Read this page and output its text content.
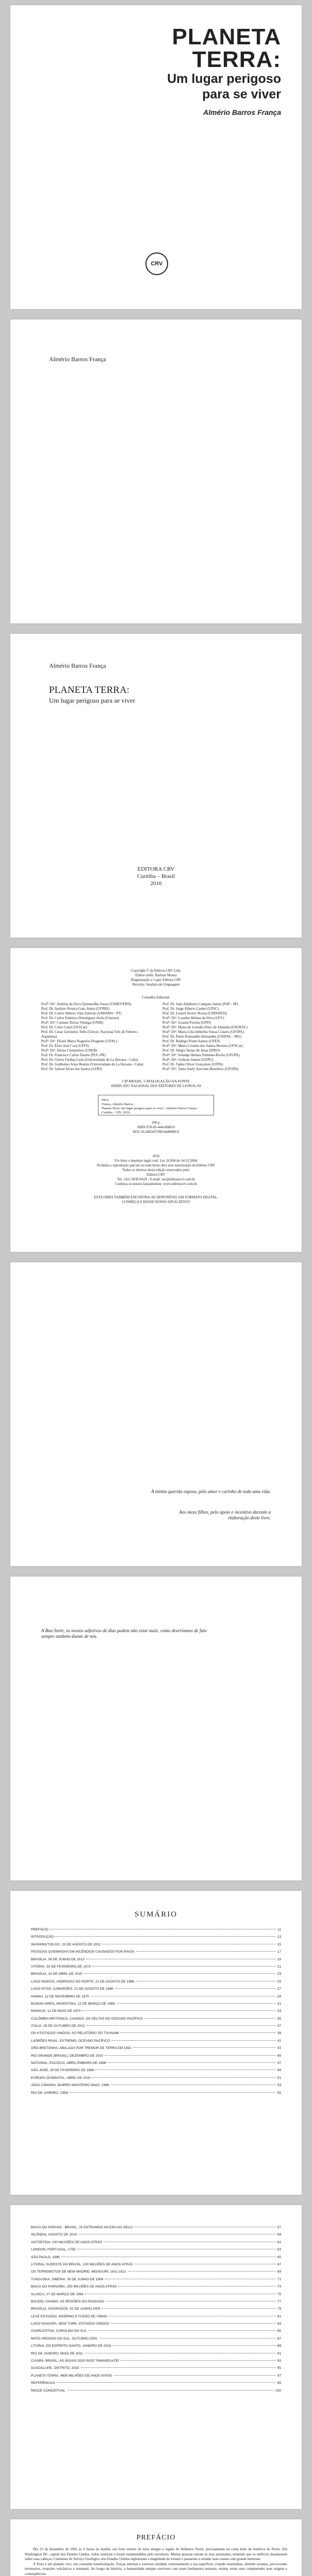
PLANETA
TERRA:
Um lugar perigoso para se viver
Almério Barros França
CRV
Almério Barros França
Almério Barros França
PLANETA TERRA:
Um lugar perigoso para se viver
EDITORA CRV
Curitiba – Brasil
2016
Copyright © da Editora CRV Ltda.
Editor-chefe: Railson Moura
Diagramação e Capa: Editora CRV
Revisão: Analista de Linguagem
Conselho Editorial:
Profª. Drª. Andréia da Silva Quintanilha Sousa (UNIR/UFRN)
Prof. Dr. Antônio Pereira Gaio Júnior (UFRRJ)
Prof. Dr. Carlos Alberto Vilar Estêvão (UMINHO - PT)
Prof. Dr. Carlos Federico Dominguez Avila (Unieuro)
Profª. Drª. Carmen Tereza Velanga (UNIR)
Prof. Dr. Celso Conti (UFSCar)
Prof. Dr. Cesar Gerónimo Tello (Univer. Nacional Três de Febrero - Argentina)
Profª. Drª. Elione Maria Nogueira Diogenes (UFAL)
Prof. Dr. Élsio José Corá (UFFS)
Profª. Drª. Elizeu Clementino (UNEB)
Prof. Dr. Francisco Carlos Duarte (PUC-PR)
Prof. Dr. Gloria Fariñas León (Universidade de La Havana - Cuba)
Prof. Dr. Guillermo Arias Beatón (Universidade de La Havana - Cuba)
Prof. Dr. Jailson Alves dos Santos (UFRJ)
Prof. Dr. João Adalberto Campato Junior (FAP - SP)
Prof. Dr. Jorge Alberto Cadete (UFSC)
Prof. Dr. Leonel Severo Rocha (UNISINOS)
Profª. Drª. Lourdes Helena da Silva (UFV)
Profª. Drª. Josania Portela (UFPI)
Profª. Drª. Maria de Lourdes Pinto de Almeida (UNOESC)
Profª. Drª. Maria Lília Imbiriba Sousa Colares (UFOPA)
Prof. Dr. Paulo Romualdo Hernandes (UNIFAL - MG)
Prof. Dr. Rodrigo Pratte-Santos (UFES)
Profª. Drª. Maria Cristina dos Santos Bezerra (UFSCar)
Prof. Dr. Sérgio Nunes de Jesus (IFRO)
Profª. Drª. Solange Helena Ximenes-Rocha (UFOPA)
Profª. Drª. Sydione Santos (UEPG)
Prof. Dr. Tadeu Oliver Gonçalves (UFPA)
Profª. Drª. Tania Suely Azevedo Brasileiro (UFOPA)
CIP-BRASIL. CATALOGAÇÃO-NA-FONTE
SINDICATO NACIONAL DOS EDITORES DE LIVROS, RJ
F814
França, Almério Barros.
Planeta Terra: um lugar perigoso para se viver / Almério Barros França –
Curitiba : CRV, 2016.
100 p.
ISBN 978-85-444-0000-0
DOI 10.24824/978854440000.0
2016
Foi feito o depósito legal conf. Lei 10.994 de 14/12/2004
Proibida a reprodução parcial ou total desta obra sem autorização da Editora CRV
Todos os direitos desta edição reservados pela:
Editora CRV
Tel.: (41) 3039-6418 - E-mail: sac@editoracrv.com.br
Conheça os nossos lançamentos: www.editoracrv.com.br
ESTA OBRA TAMBÉM ENCONTRA-SE DISPONÍVEL EM FORMATO DIGITAL.
CONHEÇA E BAIXE NOSSO APLICATIVO!
À minha querida esposa, pelo amor e carinho de toda uma vida.
Aos meus filhos, pelo apoio e incentivo durante a elaboração deste livro.
A Boa Sorte, os nossos adjetivos de dias podem não estar mais, como deveríamos de fato sempre também diante de nós.
SUMÁRIO
PREFÁCIO	11
INTRODUÇÃO	13
WASHINGTON DC, 23 DE AGOSTO DE 2011	15
PESSOAS QUEIMADAS EM INCÊNDIOS CAUSADOS POR RAIOS	17
BRASÍLIA, 08 DE JUNHO DE 2013	19
VITÓRIA, 30 DE FEVEREIRO DE 1973	21
BRASÍLIA, 10 DE ABRIL DE 2015	23
LAGO NIOKOS, ANDROGUI DO NORTE, 21 DE AGOSTO DE 1986	25
LAGO NYOS, CAMARÕES, 21 DE AGOSTO DE 1986	27
HAWAII, 12 DE NOVEMBRO DE 1975	29
BONOS AIRES, ARGENTINA, 12 DE MARÇO DE 1969	31
MANAUS, 12 DE MAIO DE 1970	33
COLÔMBIA BRITÂNICA, CANADÁ, OS DELTAS DO OCEANO PACÍFICO	35
ITÁLIA, 29 DE OUTUBRO DE 2012	37
OS 4 ESTADOS UNIDOS, AO RELATÓRIO DO TSUNAMI	39
LADRÕES RIVAL, EXTREMO, OCEANO PACÍFICO	41
GRÂ-BRETANHA, ABALADA POR TREMOR DE TERRA EM 1931	43
RIO GRANDE (BRASIL), DEZEMBRO DE 2010	45
NATIONAL, ESCÓCIA, ABRIL EMBORA DE 1898	47
SÃO JOSÉ, 28 DE FEVEREIRO DE 1865	49
EUROPA OCIDENTAL, ABRIL DE 2010	51
JOÃO CÂMARA, BAIRRO MONTEIRO MAIO, 1986	53
RIO DE JANEIRO, 1959	55
BACIA DO PARANÁ - BRASIL, JÁ ENTRAMOS NA ERA DO GELO	57
ISLÂNDIA, AGOSTO DE 2014	59
ANTÁRTIDA, 100 MILHÕES DE ANOS ATRÁS	61
LONDON, PORTUGAL, 1755	63
SÃO PAULO, 1986	65
LITORAL SUDESTE DO BRASIL, 100 MILHÕES DE ANOS ATRÁS	67
OS TERREMOTOS DE NEW MADRID, MISSOURI, 1811-1812	69
TUNGUSKA, SIBÉRIA, 30 DE JUNHO DE 1908	71
BACIA DO PARNAÍBA, 250 MILHÕES DE ANOS ATRÁS	73
ALASCA, 27 DE MARÇO DE 1964	75
BAUDEL CHAIBÁ, AS REGIÕES DO PASSADO	77
BRASÍLIA, DOURADOS, 31 DE JUNHO 2005	79
LEVE ESTADÃO, INVERNO E FUSÃO DE VINHO	81
LAGO NIAGARA, NEW YORK, ESTADOS UNIDOS	83
CHARLESTON, CAROLINA DO SUL	85
MATO GROSSO DO SUL, OUTUBRO 2001	87
LITORAL DO ESPÍRITO SANTO, JANEIRO DE 2016	89
RIO DE JANEIRO, MAIO DE 2011	91
CUIABÁ, BRASIL, AS ÁGUAS DOS RIOS TAMANDUATEÍ	93
GUADALUPE, DISTRITO, 2010	95
PLANETA TERRA, 4600 MILHÕES DE ANOS ATRÁS	97
REFERÊNCIAS	99
ÍNDICE CONCEITUAL	100
PREFÁCIO

Dia 23 de dezembro de 1941 às 6 horas da manhã, um forte tremor de terra atingiu a região do Atlântico Norte, precisamente na costa leste da América do Norte. Em Washington DC, capital dos Estados Unidos, todos sentiram e foram surpreendidos pelo terremoto. Muitas pessoas saíram às ruas assustadas, temendo que os edifícios desabassem sobre suas cabeças. Cientistas do Serviço Geológico dos Estados Unidos registraram a magnitude do evento e passaram a estudar suas causas com grande interesse.

A Terra é um planeta vivo, em constante transformação. Forças internas e externas moldam continuamente a sua superfície, criando montanhas, abrindo oceanos, provocando terremotos, erupções vulcânicas e tsunamis. Ao longo da história, a humanidade sempre conviveu com esses fenômenos naturais, muitas vezes sem compreender suas origens e consequências.
